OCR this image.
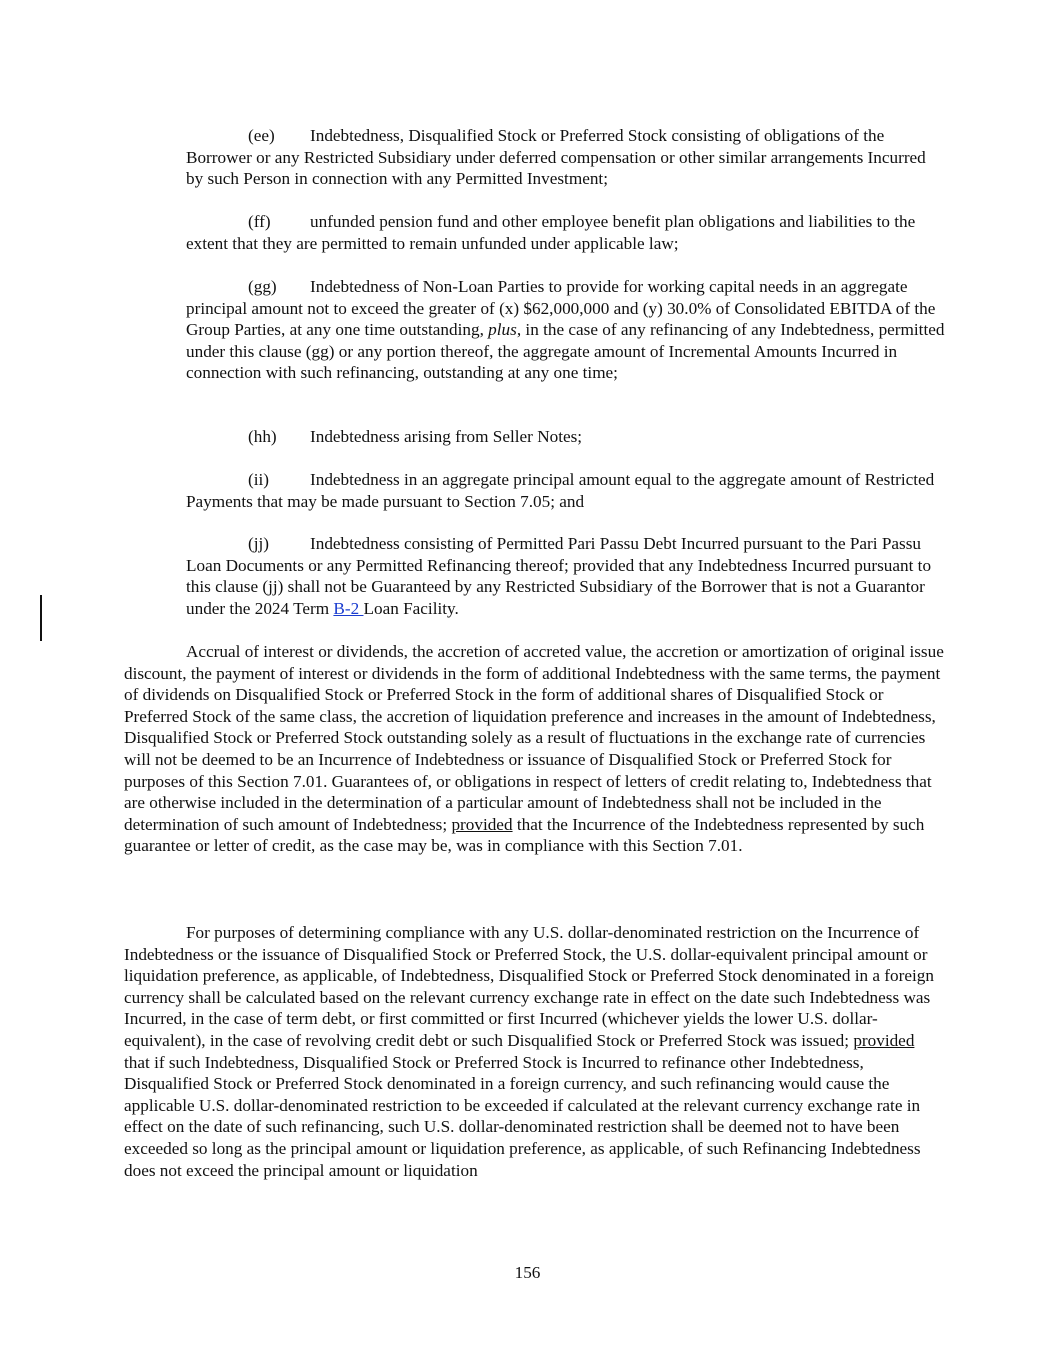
(ee) Indebtedness, Disqualified Stock or Preferred Stock consisting of obligations of the Borrower or any Restricted Subsidiary under deferred compensation or other similar arrangements Incurred by such Person in connection with any Permitted Investment;

(ff) unfunded pension fund and other employee benefit plan obligations and liabilities to the extent that they are permitted to remain unfunded under applicable law;

(gg) Indebtedness of Non-Loan Parties to provide for working capital needs in an aggregate principal amount not to exceed the greater of (x) $62,000,000 and (y) 30.0% of Consolidated EBITDA of the Group Parties, at any one time outstanding, plus, in the case of any refinancing of any Indebtedness, permitted under this clause (gg) or any portion thereof, the aggregate amount of Incremental Amounts Incurred in connection with such refinancing, outstanding at any one time;

(hh) Indebtedness arising from Seller Notes;

(ii) Indebtedness in an aggregate principal amount equal to the aggregate amount of Restricted Payments that may be made pursuant to Section 7.05; and

(jj) Indebtedness consisting of Permitted Pari Passu Debt Incurred pursuant to the Pari Passu Loan Documents or any Permitted Refinancing thereof; provided that any Indebtedness Incurred pursuant to this clause (jj) shall not be Guaranteed by any Restricted Subsidiary of the Borrower that is not a Guarantor under the 2024 Term B-2 Loan Facility.

Accrual of interest or dividends, the accretion of accreted value, the accretion or amortization of original issue discount, the payment of interest or dividends in the form of additional Indebtedness with the same terms, the payment of dividends on Disqualified Stock or Preferred Stock in the form of additional shares of Disqualified Stock or Preferred Stock of the same class, the accretion of liquidation preference and increases in the amount of Indebtedness, Disqualified Stock or Preferred Stock outstanding solely as a result of fluctuations in the exchange rate of currencies will not be deemed to be an Incurrence of Indebtedness or issuance of Disqualified Stock or Preferred Stock for purposes of this Section 7.01. Guarantees of, or obligations in respect of letters of credit relating to, Indebtedness that are otherwise included in the determination of a particular amount of Indebtedness shall not be included in the determination of such amount of Indebtedness; provided that the Incurrence of the Indebtedness represented by such guarantee or letter of credit, as the case may be, was in compliance with this Section 7.01.

For purposes of determining compliance with any U.S. dollar-denominated restriction on the Incurrence of Indebtedness or the issuance of Disqualified Stock or Preferred Stock, the U.S. dollar-equivalent principal amount or liquidation preference, as applicable, of Indebtedness, Disqualified Stock or Preferred Stock denominated in a foreign currency shall be calculated based on the relevant currency exchange rate in effect on the date such Indebtedness was Incurred, in the case of term debt, or first committed or first Incurred (whichever yields the lower U.S. dollar-equivalent), in the case of revolving credit debt or such Disqualified Stock or Preferred Stock was issued; provided that if such Indebtedness, Disqualified Stock or Preferred Stock is Incurred to refinance other Indebtedness, Disqualified Stock or Preferred Stock denominated in a foreign currency, and such refinancing would cause the applicable U.S. dollar-denominated restriction to be exceeded if calculated at the relevant currency exchange rate in effect on the date of such refinancing, such U.S. dollar-denominated restriction shall be deemed not to have been exceeded so long as the principal amount or liquidation preference, as applicable, of such Refinancing Indebtedness does not exceed the principal amount or liquidation

156
